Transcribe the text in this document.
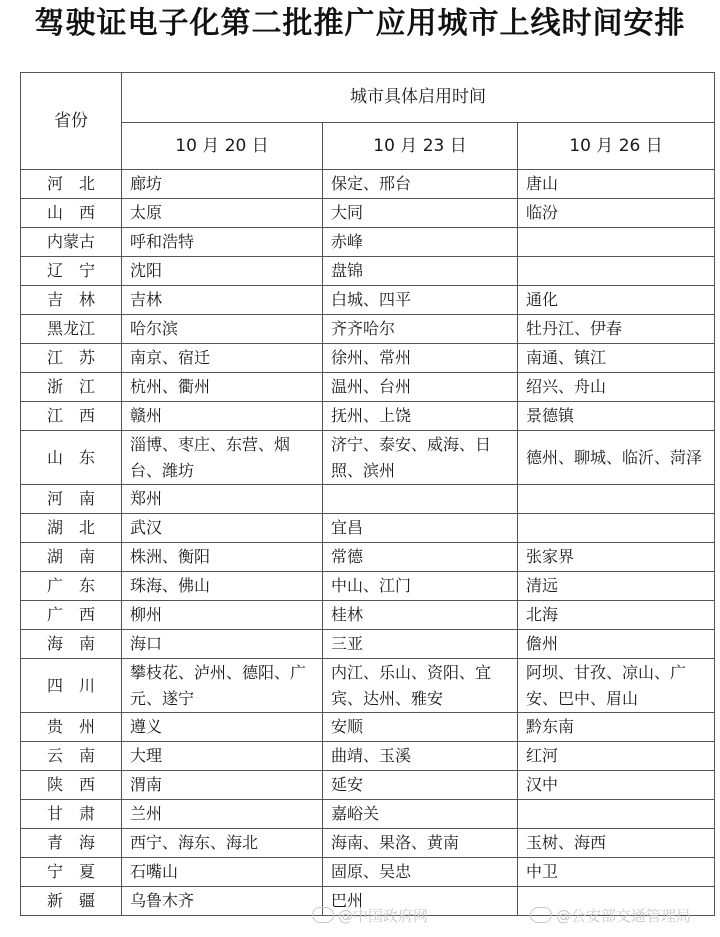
驾驶证电子化第二批推广应用城市上线时间安排
省份	城市具体启用时间		
	10 月 20 日	10 月 23 日	10 月 26 日
河　北	廊坊	保定、邢台	唐山
山　西	太原	大同	临汾
内蒙古	呼和浩特	赤峰	
辽　宁	沈阳	盘锦	
吉　林	吉林	白城、四平	通化
黑龙江	哈尔滨	齐齐哈尔	牡丹江、伊春
江　苏	南京、宿迁	徐州、常州	南通、镇江
浙　江	杭州、衢州	温州、台州	绍兴、舟山
江　西	赣州	抚州、上饶	景德镇
山　东	淄博、枣庄、东营、烟台、潍坊	济宁、泰安、威海、日照、滨州	德州、聊城、临沂、菏泽
河　南	郑州		
湖　北	武汉	宜昌	
湖　南	株洲、衡阳	常德	张家界
广　东	珠海、佛山	中山、江门	清远
广　西	柳州	桂林	北海
海　南	海口	三亚	儋州
四　川	攀枝花、泸州、德阳、广元、遂宁	内江、乐山、资阳、宜宾、达州、雅安	阿坝、甘孜、凉山、广安、巴中、眉山
贵　州	遵义	安顺	黔东南
云　南	大理	曲靖、玉溪	红河
陕　西	渭南	延安	汉中
甘　肃	兰州	嘉峪关	
青　海	西宁、海东、海北	海南、果洛、黄南	玉树、海西
宁　夏	石嘴山	固原、吴忠	中卫
新　疆	乌鲁木齐	巴州	
@中国政府网	@公安部交通管理局
